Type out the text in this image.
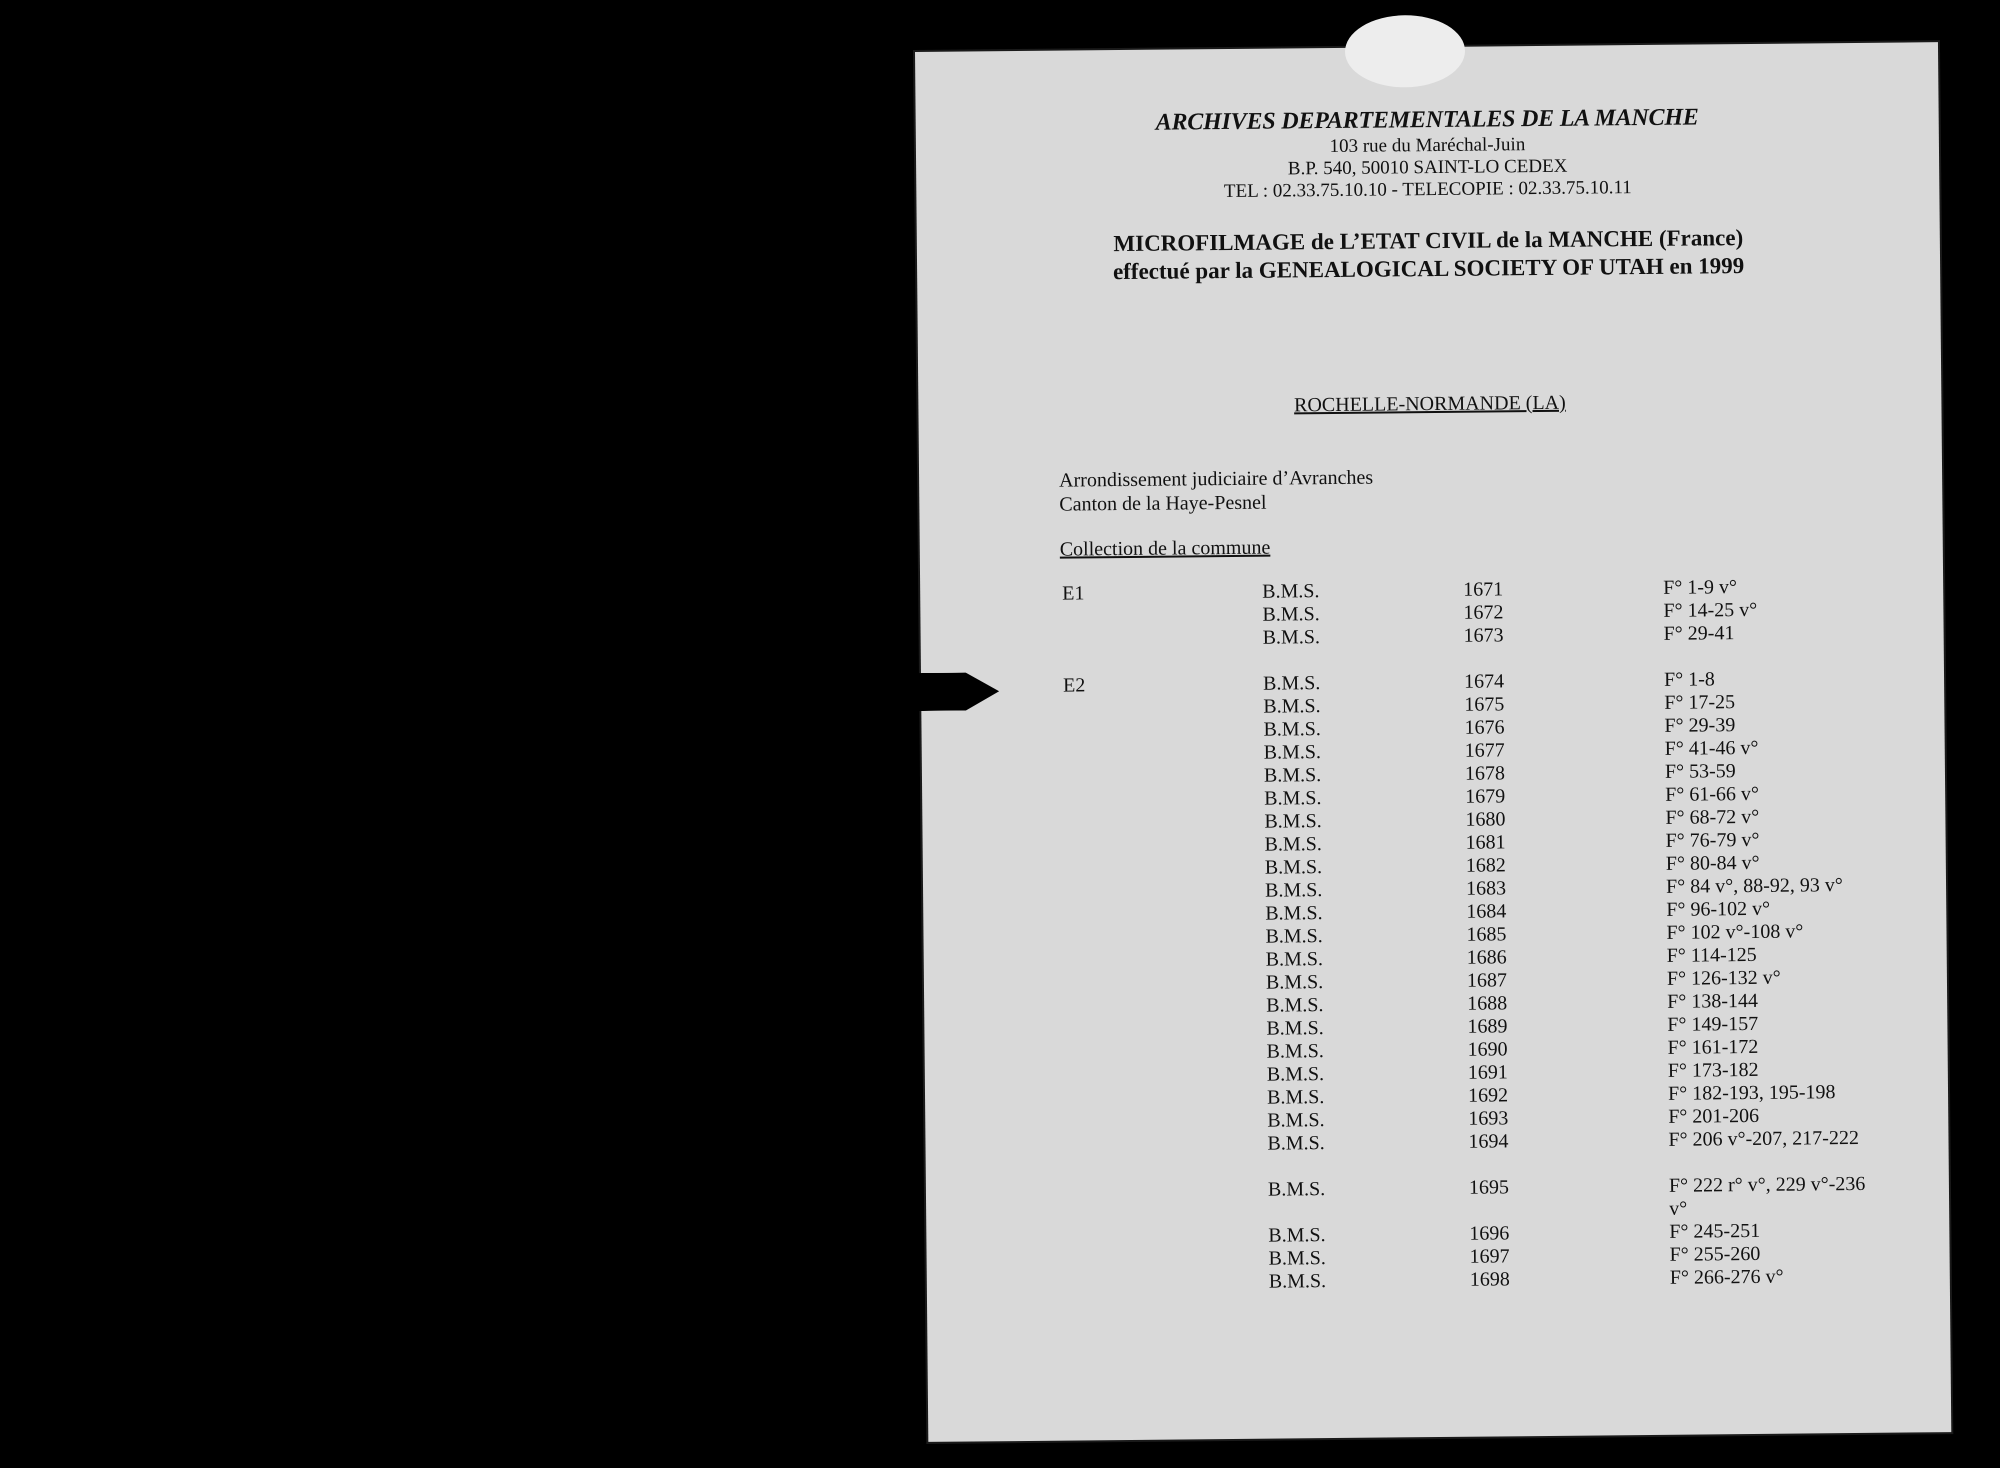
ARCHIVES DEPARTEMENTALES DE LA MANCHE
103 rue du Maréchal-Juin
B.P. 540, 50010 SAINT-LO CEDEX
TEL : 02.33.75.10.10 - TELECOPIE : 02.33.75.10.11
MICROFILMAGE de L’ETAT CIVIL de la MANCHE (France)
effectué par la GENEALOGICAL SOCIETY OF UTAH en 1999
ROCHELLE-NORMANDE (LA)
Arrondissement judiciaire d’Avranches
Canton de la Haye-Pesnel
Collection de la commune
E1	B.M.S.	1671	F° 1-9 v°
B.M.S.	1672	F° 14-25 v°
B.M.S.	1673	F° 29-41
E2	B.M.S.	1674	F° 1-8
B.M.S.	1675	F° 17-25
B.M.S.	1676	F° 29-39
B.M.S.	1677	F° 41-46 v°
B.M.S.	1678	F° 53-59
B.M.S.	1679	F° 61-66 v°
B.M.S.	1680	F° 68-72 v°
B.M.S.	1681	F° 76-79 v°
B.M.S.	1682	F° 80-84 v°
B.M.S.	1683	F° 84 v°, 88-92, 93 v°
B.M.S.	1684	F° 96-102 v°
B.M.S.	1685	F° 102 v°-108 v°
B.M.S.	1686	F° 114-125
B.M.S.	1687	F° 126-132 v°
B.M.S.	1688	F° 138-144
B.M.S.	1689	F° 149-157
B.M.S.	1690	F° 161-172
B.M.S.	1691	F° 173-182
B.M.S.	1692	F° 182-193, 195-198
B.M.S.	1693	F° 201-206
B.M.S.	1694	F° 206 v°-207, 217-222
B.M.S.	1695	F° 222 r° v°, 229 v°-236 v°
B.M.S.	1696	F° 245-251
B.M.S.	1697	F° 255-260
B.M.S.	1698	F° 266-276 v°
